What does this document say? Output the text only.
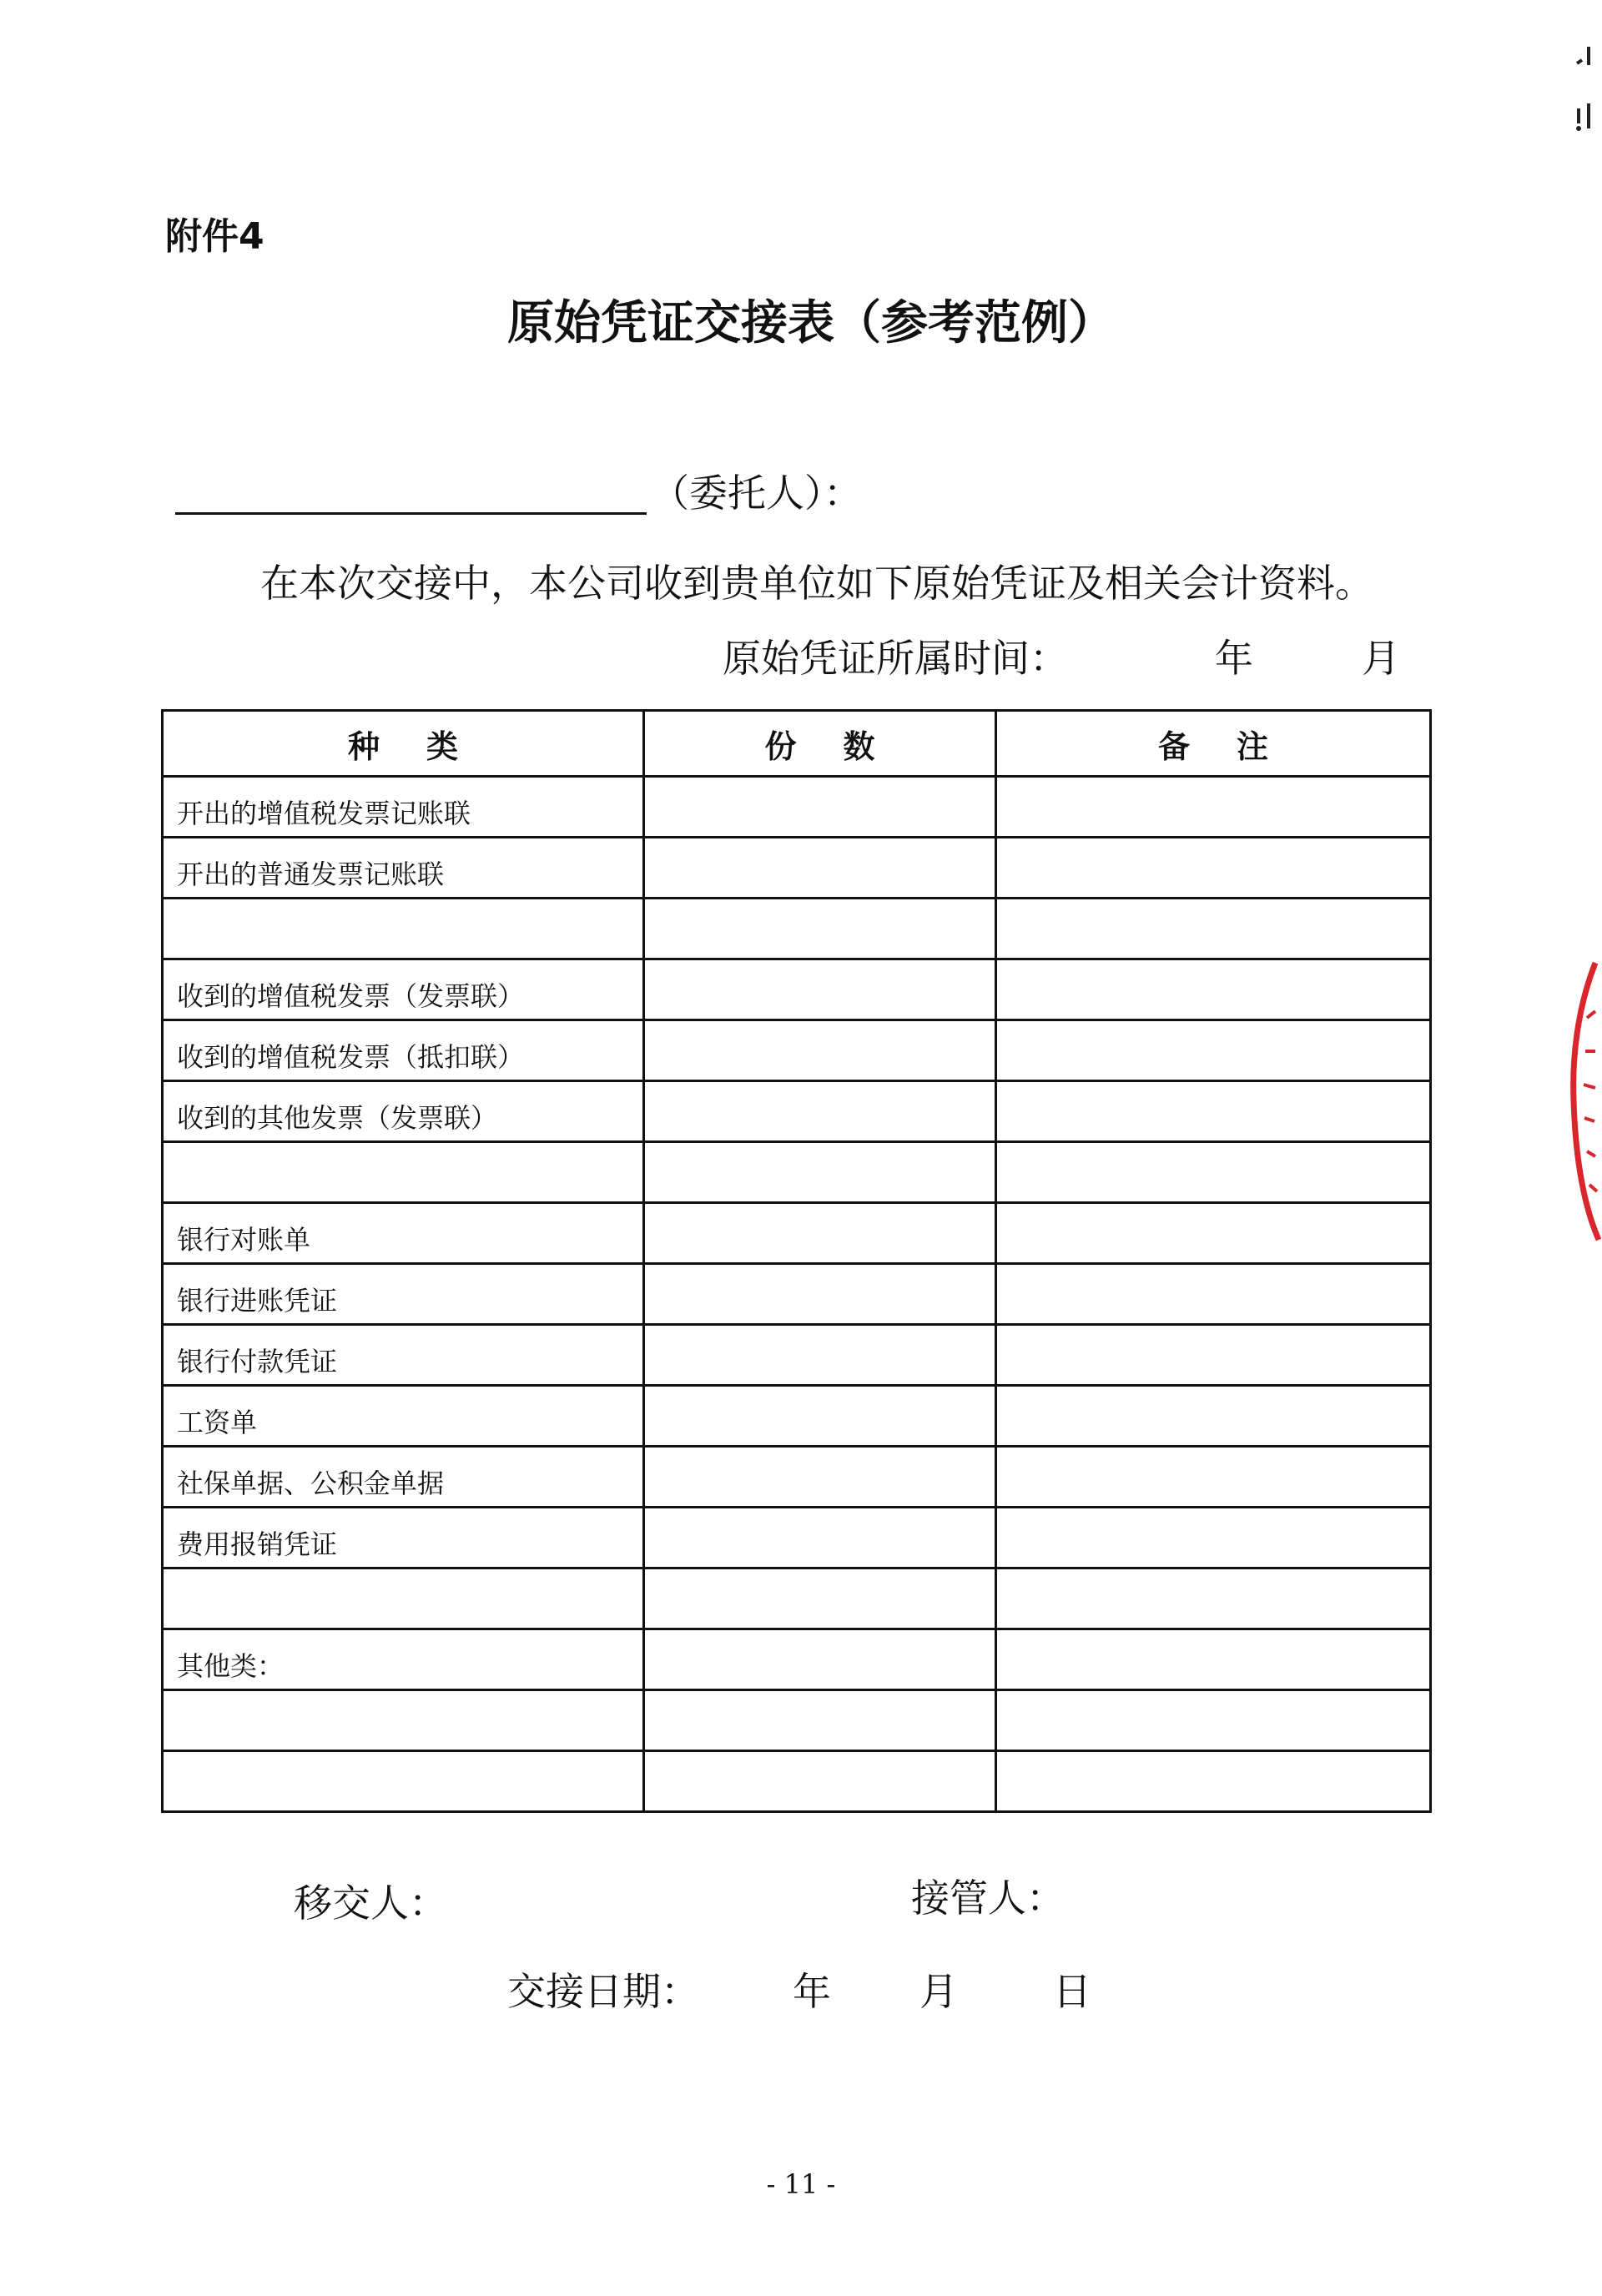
附件4
原始凭证交接表（参考范例）
（委托人）：
在本次交接中，本公司收到贵单位如下原始凭证及相关会计资料。
原始凭证所属时间：	年	月
种类	份数	备注
开出的增值税发票记账联		
开出的普通发票记账联		

收到的增值税发票（发票联）		
收到的增值税发票（抵扣联）		
收到的其他发票（发票联）		

银行对账单		
银行进账凭证		
银行付款凭证		
工资单		
社保单据、公积金单据		
费用报销凭证		

其他类：		

移交人：	接管人：
交接日期： 年 月 日
- 11 -
